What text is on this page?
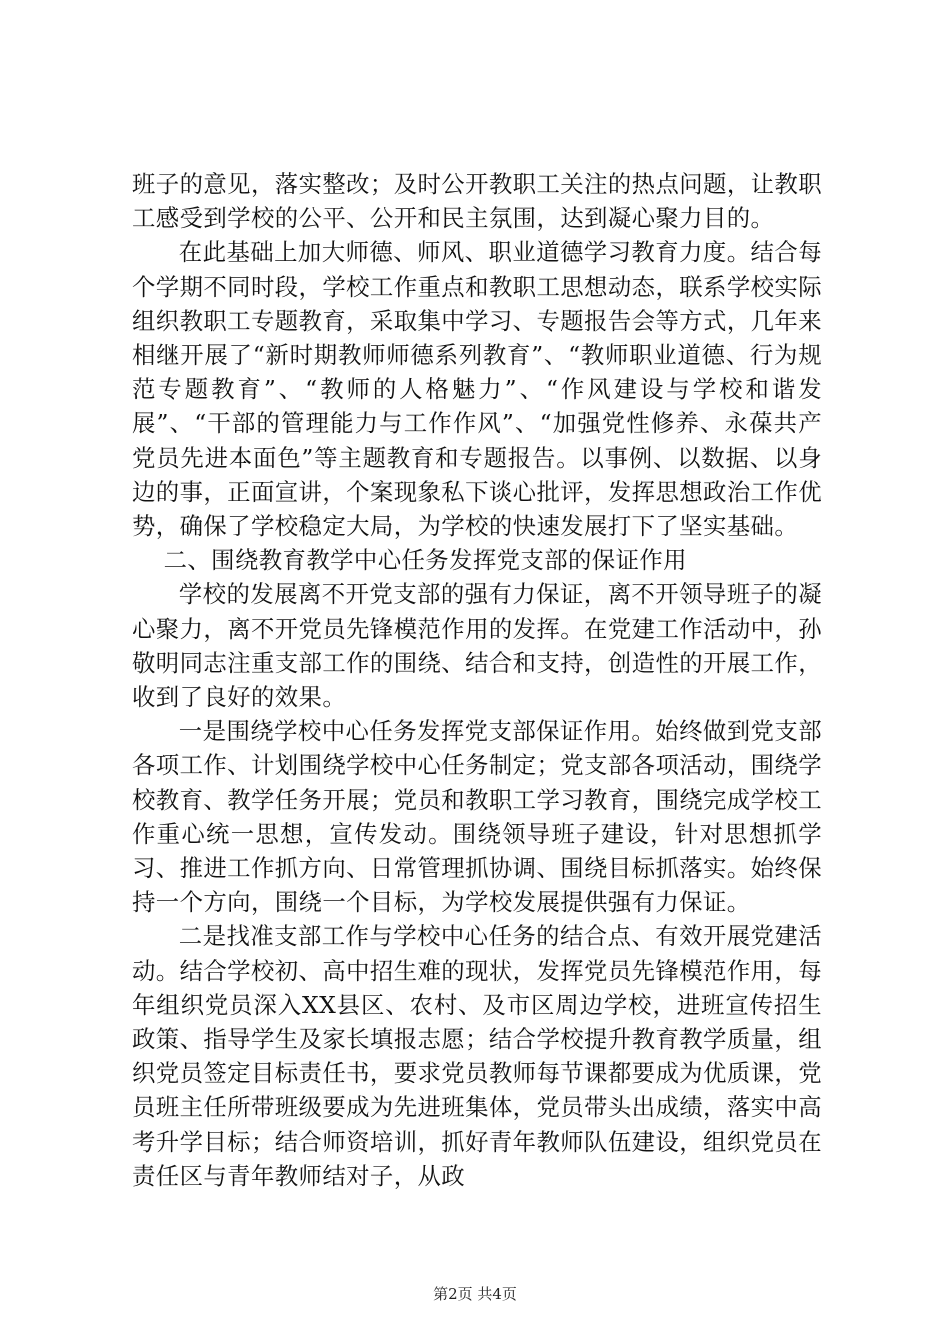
班子的意见，落实整改；及时公开教职工关注的热点问题，让教职工感受到学校的公平、公开和民主氛围，达到凝心聚力目的。

在此基础上加大师德、师风、职业道德学习教育力度。结合每个学期不同时段，学校工作重点和教职工思想动态，联系学校实际组织教职工专题教育，采取集中学习、专题报告会等方式，几年来相继开展了“新时期教师师德系列教育”、“教师职业道德、行为规范专题教育”、“教师的人格魅力”、“作风建设与学校和谐发展”、“干部的管理能力与工作作风”、“加强党性修养、永葆共产党员先进本面色”等主题教育和专题报告。以事例、以数据、以身边的事，正面宣讲，个案现象私下谈心批评，发挥思想政治工作优势，确保了学校稳定大局，为学校的快速发展打下了坚实基础。

二、围绕教育教学中心任务发挥党支部的保证作用

学校的发展离不开党支部的强有力保证，离不开领导班子的凝心聚力，离不开党员先锋模范作用的发挥。在党建工作活动中，孙敬明同志注重支部工作的围绕、结合和支持，创造性的开展工作，收到了良好的效果。

一是围绕学校中心任务发挥党支部保证作用。始终做到党支部各项工作、计划围绕学校中心任务制定；党支部各项活动，围绕学校教育、教学任务开展；党员和教职工学习教育，围绕完成学校工作重心统一思想，宣传发动。围绕领导班子建设，针对思想抓学习、推进工作抓方向、日常管理抓协调、围绕目标抓落实。始终保持一个方向，围绕一个目标，为学校发展提供强有力保证。

二是找准支部工作与学校中心任务的结合点、有效开展党建活动。结合学校初、高中招生难的现状，发挥党员先锋模范作用，每年组织党员深入XX县区、农村、及市区周边学校，进班宣传招生政策、指导学生及家长填报志愿；结合学校提升教育教学质量，组织党员签定目标责任书，要求党员教师每节课都要成为优质课，党员班主任所带班级要成为先进班集体，党员带头出成绩，落实中高考升学目标；结合师资培训，抓好青年教师队伍建设，组织党员在责任区与青年教师结对子，从政

第2页 共4页
